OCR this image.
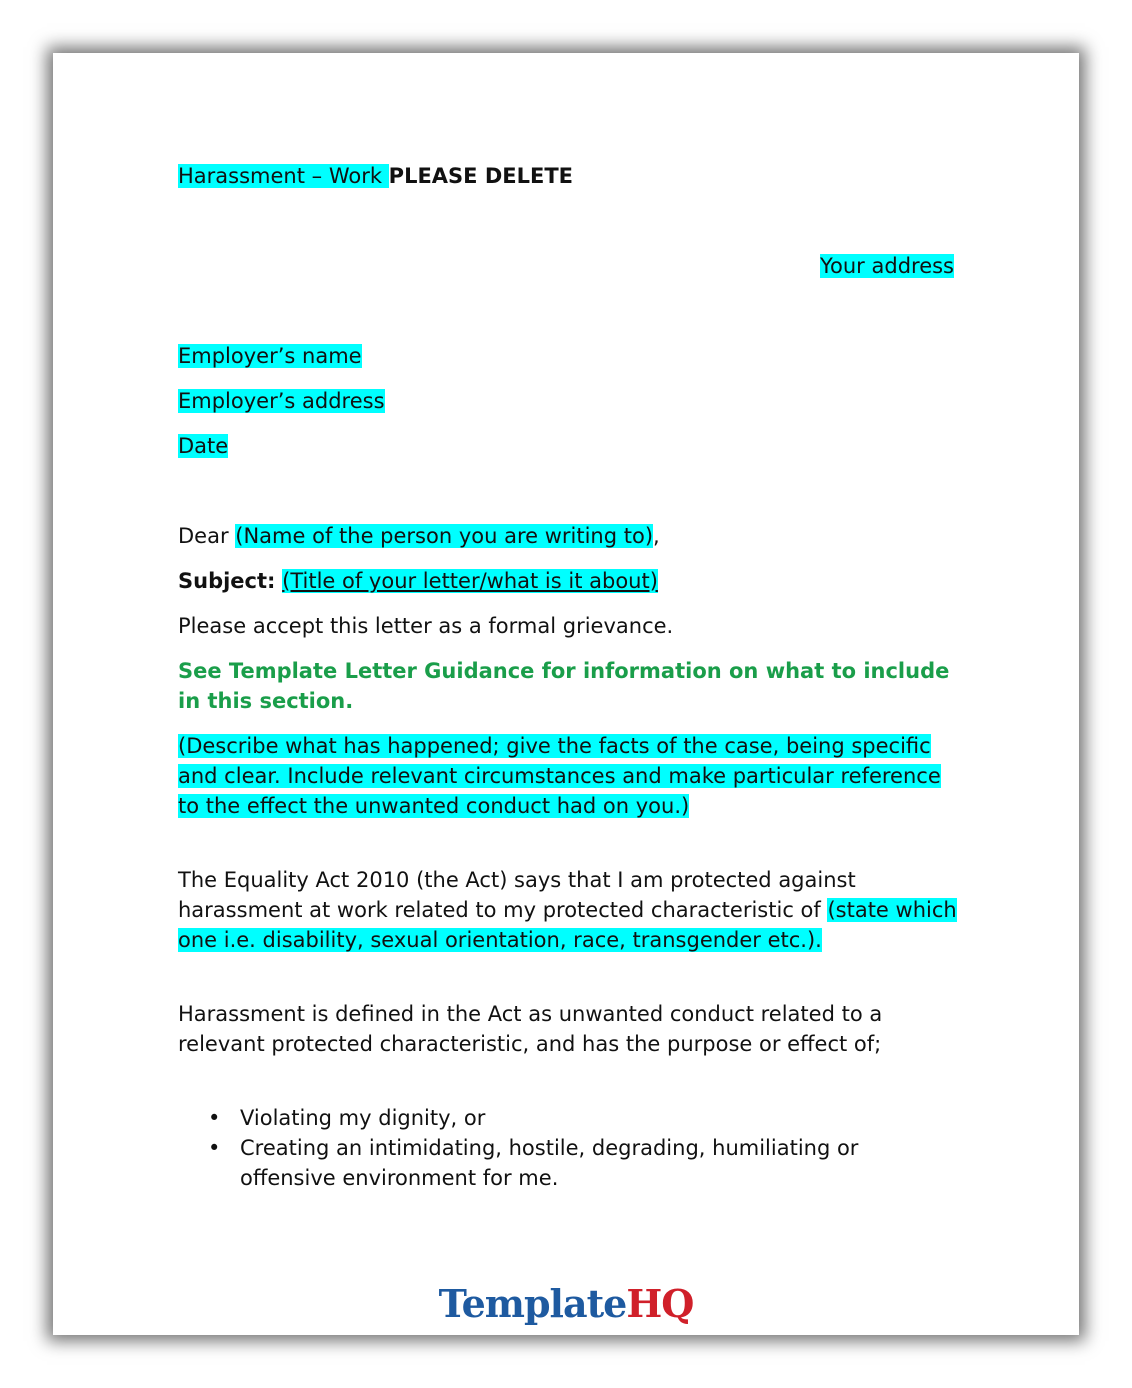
Harassment – Work PLEASE DELETE
Your address
Employer’s name
Employer’s address
Date
Dear (Name of the person you are writing to),
Subject: (Title of your letter/what is it about)
Please accept this letter as a formal grievance.
See Template Letter Guidance for information on what to include in this section.
(Describe what has happened; give the facts of the case, being specific and clear. Include relevant circumstances and make particular reference to the effect the unwanted conduct had on you.)
The Equality Act 2010 (the Act) says that I am protected against harassment at work related to my protected characteristic of (state which one i.e. disability, sexual orientation, race, transgender etc.).
Harassment is defined in the Act as unwanted conduct related to a relevant protected characteristic, and has the purpose or effect of;
• Violating my dignity, or
• Creating an intimidating, hostile, degrading, humiliating or offensive environment for me.
TemplateHQ
